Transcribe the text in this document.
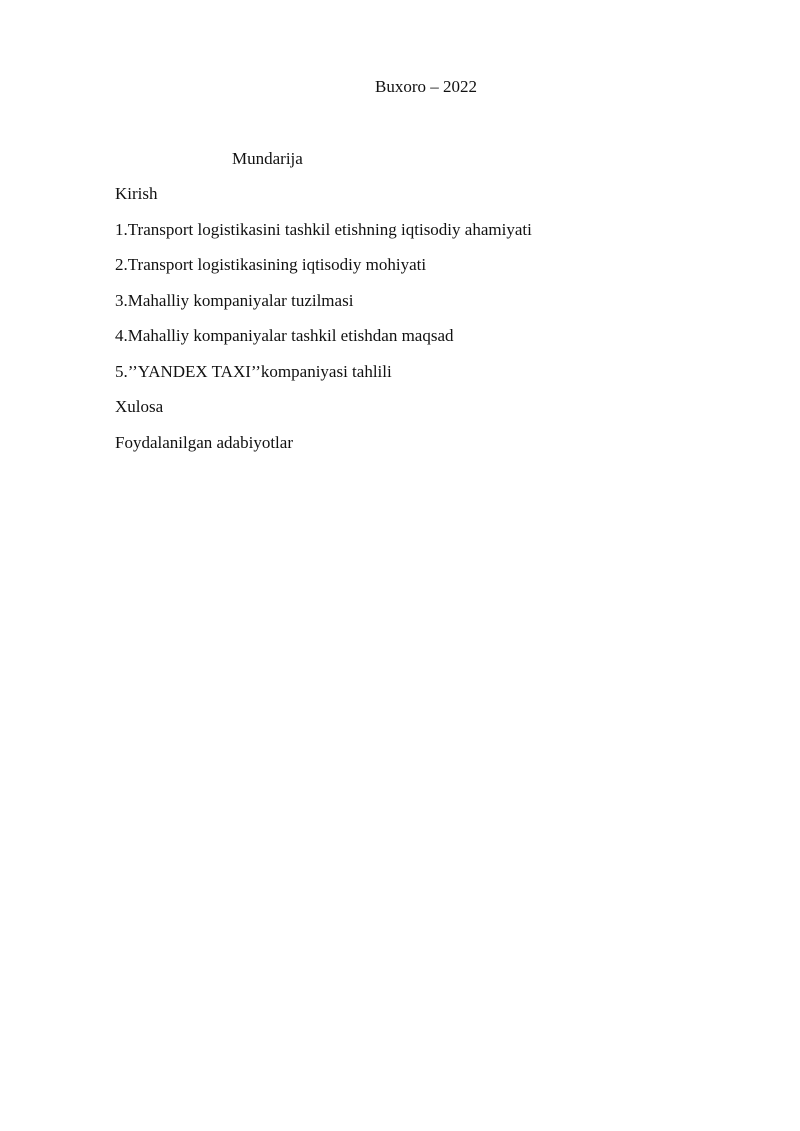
Buxoro – 2022
Mundarija
Kirish
1.Transport logistikasini tashkil etishning iqtisodiy ahamiyati
2.Transport logistikasining iqtisodiy mohiyati
3.Mahalliy kompaniyalar tuzilmasi
4.Mahalliy kompaniyalar tashkil etishdan maqsad
5.’’YANDEX TAXI’’kompaniyasi tahlili
Xulosa
Foydalanilgan adabiyotlar
